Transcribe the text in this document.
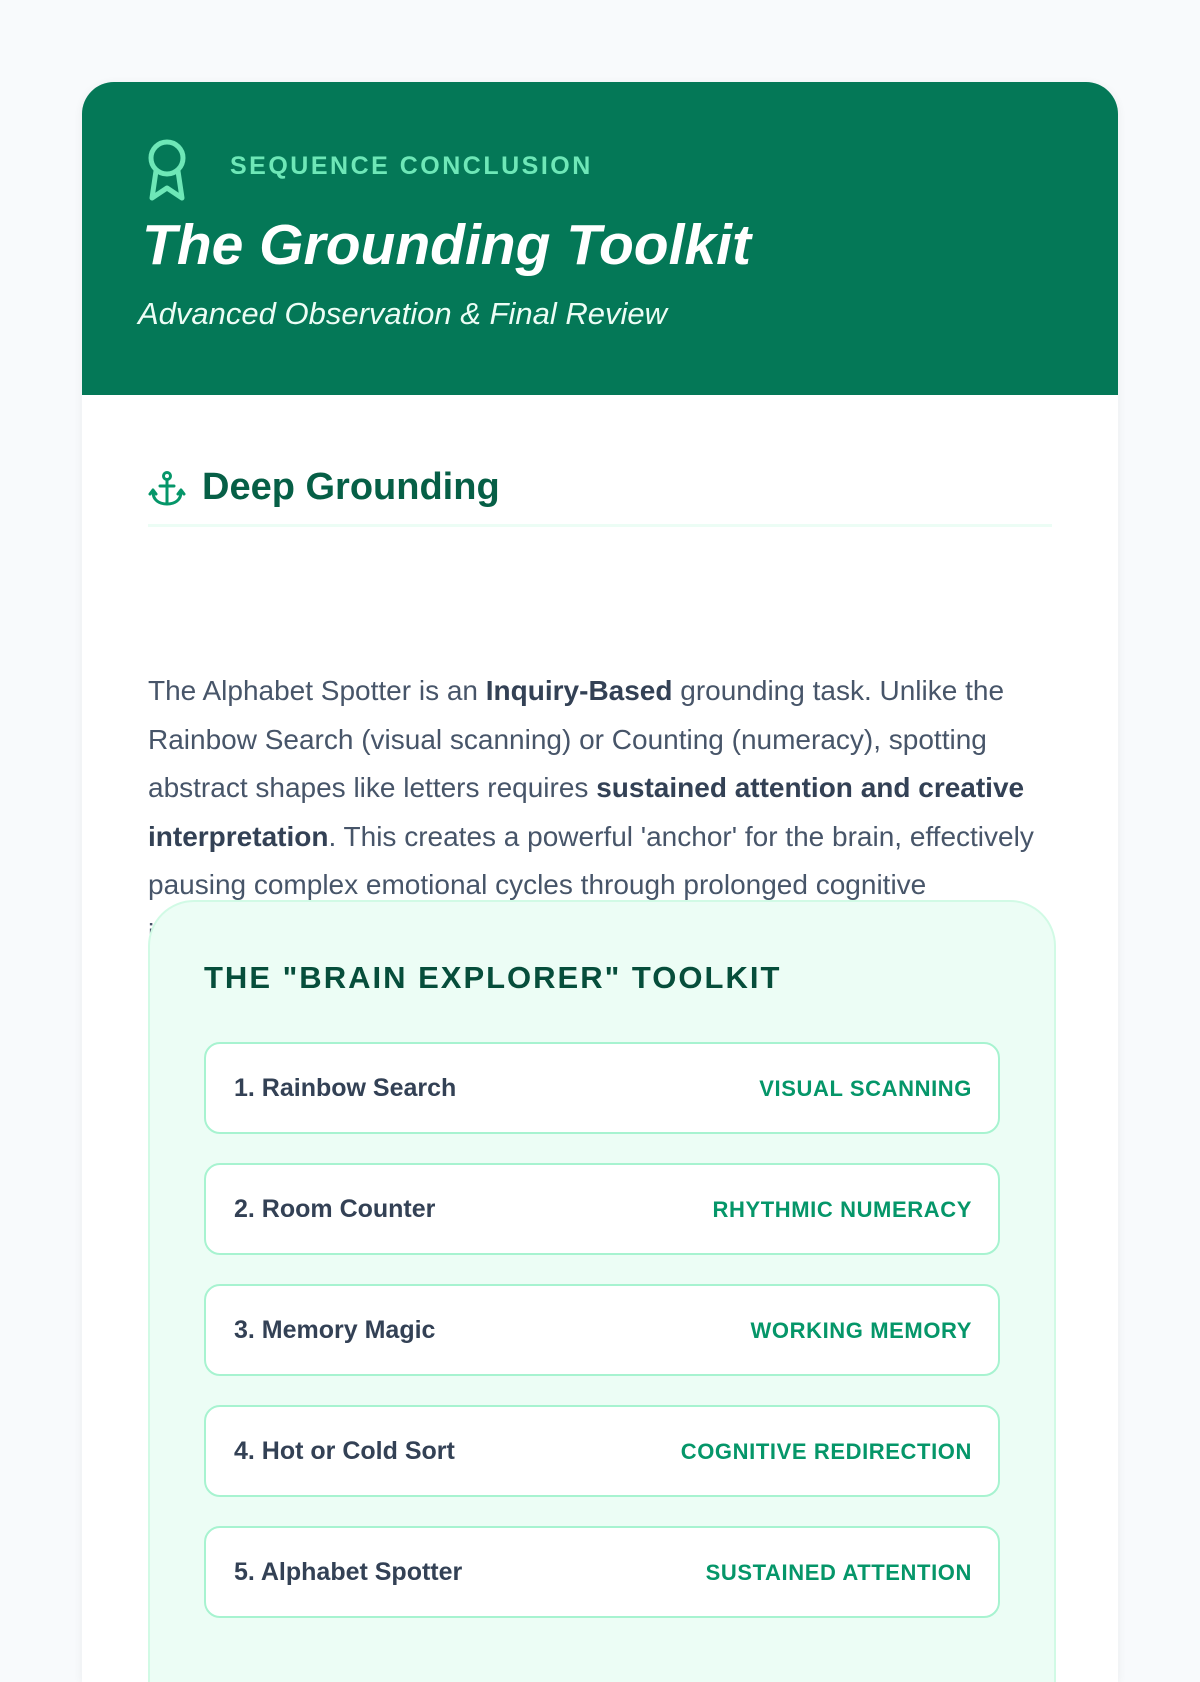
SEQUENCE CONCLUSION
The Grounding Toolkit
Advanced Observation & Final Review
Deep Grounding

The Alphabet Spotter is an Inquiry-Based grounding task. Unlike the Rainbow Search (visual scanning) or Counting (numeracy), spotting abstract shapes like letters requires sustained attention and creative interpretation. This creates a powerful 'anchor' for the brain, effectively pausing complex emotional cycles through prolonged cognitive

THE "BRAIN EXPLORER" TOOLKIT
1. Rainbow Search	VISUAL SCANNING
2. Room Counter	RHYTHMIC NUMERACY
3. Memory Magic	WORKING MEMORY
4. Hot or Cold Sort	COGNITIVE REDIRECTION
5. Alphabet Spotter	SUSTAINED ATTENTION
